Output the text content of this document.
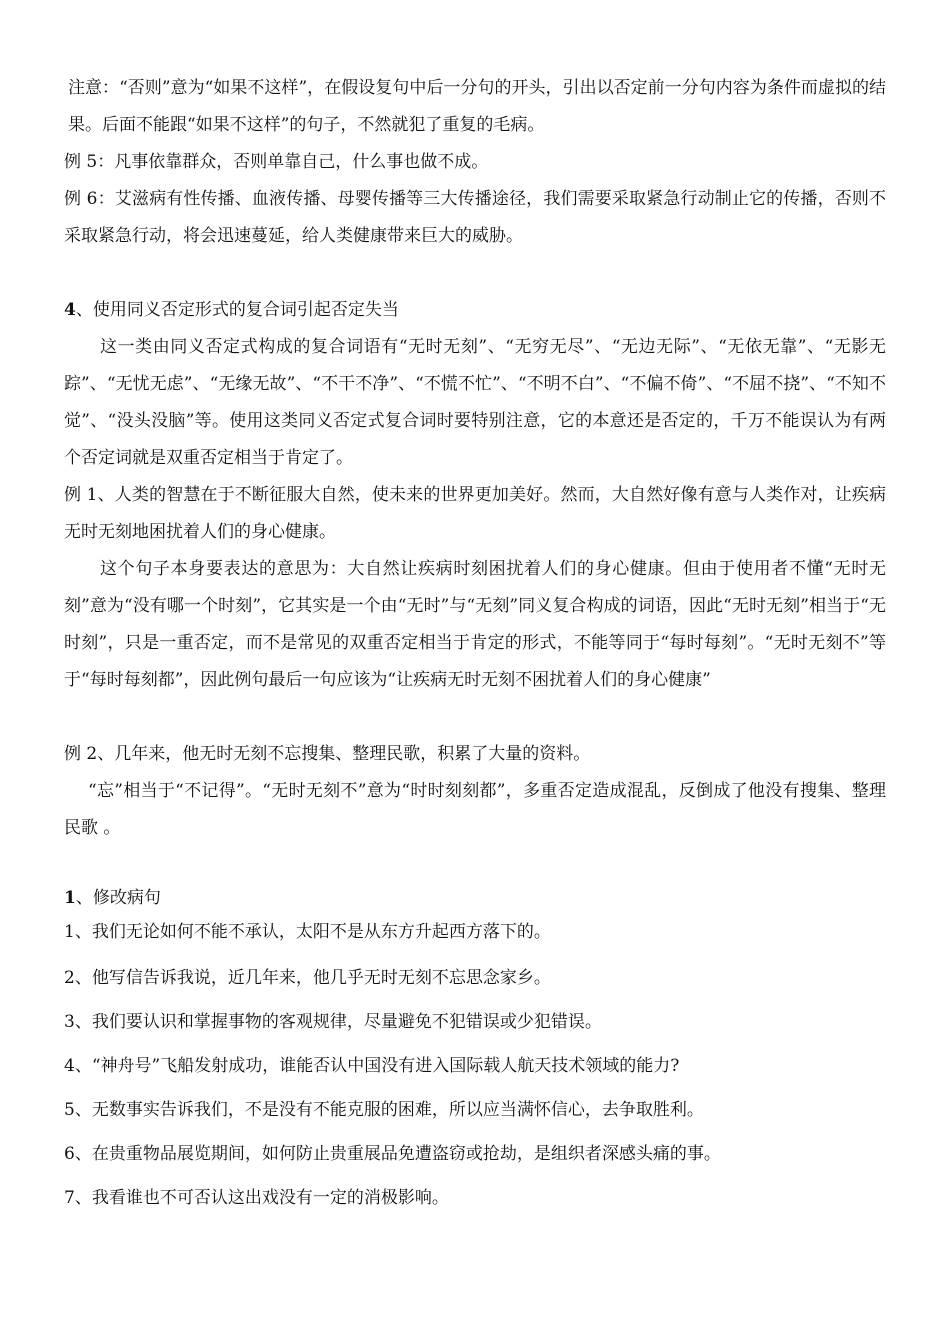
注意：“否则”意为“如果不这样”，在假设复句中后一分句的开头，引出以否定前一分句内容为条件而虚拟的结果。后面不能跟“如果不这样”的句子，不然就犯了重复的毛病。

例 5：凡事依靠群众，否则单靠自己，什么事也做不成。

例 6：艾滋病有性传播、血液传播、母婴传播等三大传播途径，我们需要采取紧急行动制止它的传播，否则不采取紧急行动，将会迅速蔓延，给人类健康带来巨大的威胁。

4、使用同义否定形式的复合词引起否定失当

这一类由同义否定式构成的复合词语有“无时无刻”、“无穷无尽”、“无边无际”、“无依无靠”、“无影无踪”、“无忧无虑”、“无缘无故”、“不干不净”、“不慌不忙”、“不明不白”、“不偏不倚”、“不屈不挠”、“不知不觉”、“没头没脑”等。使用这类同义否定式复合词时要特别注意，它的本意还是否定的，千万不能误认为有两个否定词就是双重否定相当于肯定了。

例 1、人类的智慧在于不断征服大自然，使未来的世界更加美好。然而，大自然好像有意与人类作对，让疾病无时无刻地困扰着人们的身心健康。

这个句子本身要表达的意思为：大自然让疾病时刻困扰着人们的身心健康。但由于使用者不懂“无时无刻”意为“没有哪一个时刻”，它其实是一个由“无时”与“无刻”同义复合构成的词语，因此“无时无刻”相当于“无时刻”，只是一重否定，而不是常见的双重否定相当于肯定的形式，不能等同于“每时每刻”。“无时无刻不”等于“每时每刻都”，因此例句最后一句应该为“让疾病无时无刻不困扰着人们的身心健康”

例 2、几年来，他无时无刻不忘搜集、整理民歌，积累了大量的资料。

“忘”相当于“不记得”。“无时无刻不”意为“时时刻刻都”，多重否定造成混乱，反倒成了他没有搜集、整理民歌 。

1、修改病句

1、我们无论如何不能不承认，太阳不是从东方升起西方落下的。

2、他写信告诉我说，近几年来，他几乎无时无刻不忘思念家乡。

3、我们要认识和掌握事物的客观规律，尽量避免不犯错误或少犯错误。

4、“神舟号”飞船发射成功，谁能否认中国没有进入国际载人航天技术领域的能力?

5、无数事实告诉我们，不是没有不能克服的困难，所以应当满怀信心，去争取胜利。

6、在贵重物品展览期间，如何防止贵重展品免遭盗窃或抢劫，是组织者深感头痛的事。

7、我看谁也不可否认这出戏没有一定的消极影响。
